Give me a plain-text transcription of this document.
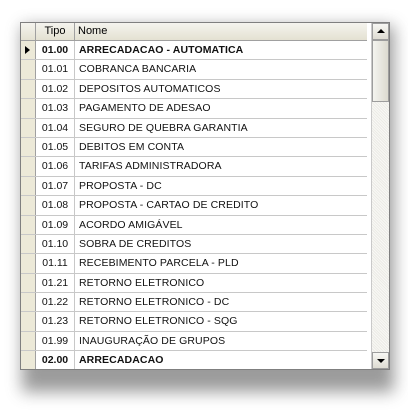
Tipo	Nome
01.00	ARRECADACAO - AUTOMATICA
01.01	COBRANCA BANCARIA
01.02	DEPOSITOS AUTOMATICOS
01.03	PAGAMENTO DE ADESAO
01.04	SEGURO DE QUEBRA GARANTIA
01.05	DEBITOS EM CONTA
01.06	TARIFAS ADMINISTRADORA
01.07	PROPOSTA - DC
01.08	PROPOSTA - CARTAO DE CREDITO
01.09	ACORDO AMIGÁVEL
01.10	SOBRA DE CREDITOS
01.11	RECEBIMENTO PARCELA - PLD
01.21	RETORNO ELETRONICO
01.22	RETORNO ELETRONICO - DC
01.23	RETORNO ELETRONICO - SQG
01.99	INAUGURAÇÃO DE GRUPOS
02.00	ARRECADACAO
